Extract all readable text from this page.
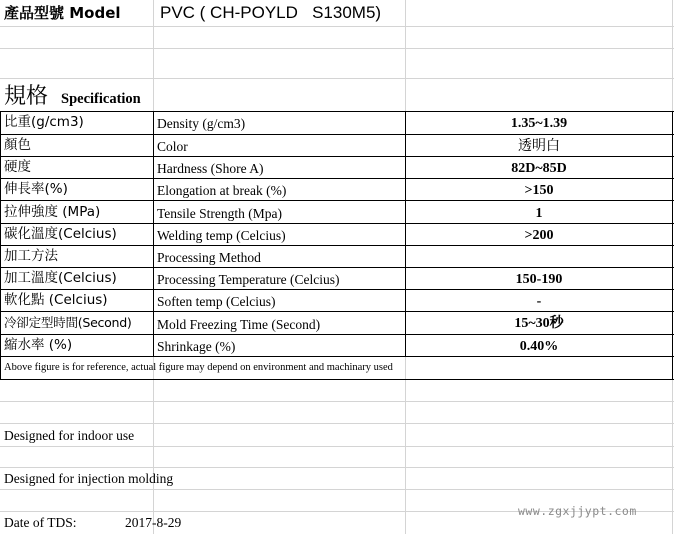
產品型號 Model PVC ( CH-POYLD   S130M5)
規格 Specification
比重(g/cm3)	Density (g/cm3)	1.35~1.39
顏色	Color	透明白
硬度	Hardness (Shore A)	82D~85D
伸長率(%)	Elongation at break (%)	>150
拉伸強度 (MPa)	Tensile Strength (Mpa)	1
碳化溫度(Celcius)	Welding temp (Celcius)	>200
加工方法	Processing Method
加工溫度(Celcius)	Processing Temperature (Celcius)	150-190
軟化點 (Celcius)	Soften temp (Celcius)	-
冷卻定型時間(Second) Mold Freezing Time (Second)	15~30秒
縮水率 (%)	Shrinkage (%)	0.40%
Above figure is for reference, actual figure may depend on environment and machinary used
Designed for indoor use
Designed for injection molding
Date of TDS:	2017-8-29
www.zgxjjypt.com
